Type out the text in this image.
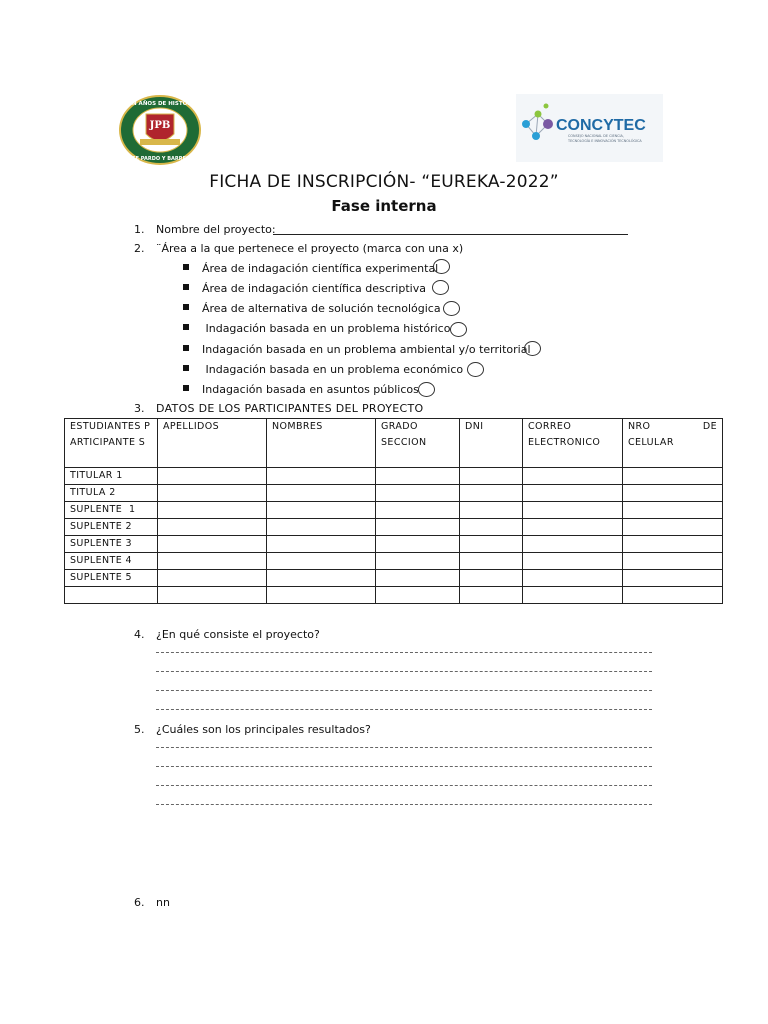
JPB
CIEN AÑOS DE HISTORIA
JOSE PARDO Y BARREDA
CONCYTEC
CONSEJO NACIONAL DE CIENCIA,
TECNOLOGÍA E INNOVACIÓN TECNOLÓGICA
FICHA DE INSCRIPCIÓN- “EUREKA-2022”
Fase interna
1. Nombre del proyecto:
2. ¨Área a la que pertenece el proyecto (marca con una x)
Área de indagación científica experimental
Área de indagación científica descriptiva
Área de alternativa de solución tecnológica
Indagación basada en un problema histórico
Indagación basada en un problema ambiental y/o territorial
Indagación basada en un problema económico
Indagación basada en asuntos públicos
3. DATOS DE LOS PARTICIPANTES DEL PROYECTO
ESTUDIANTES PARTICIPANTE S	APELLIDOS	NOMBRES	GRADO SECCION	DNI	CORREO ELECTRONICO	NRO DE CELULAR
TITULAR 1						
TITULA 2						
SUPLENTE  1						
SUPLENTE 2						
SUPLENTE 3						
SUPLENTE 4						
SUPLENTE 5						

4. ¿En qué consiste el proyecto?
5. ¿Cuáles son los principales resultados?
6. nn
